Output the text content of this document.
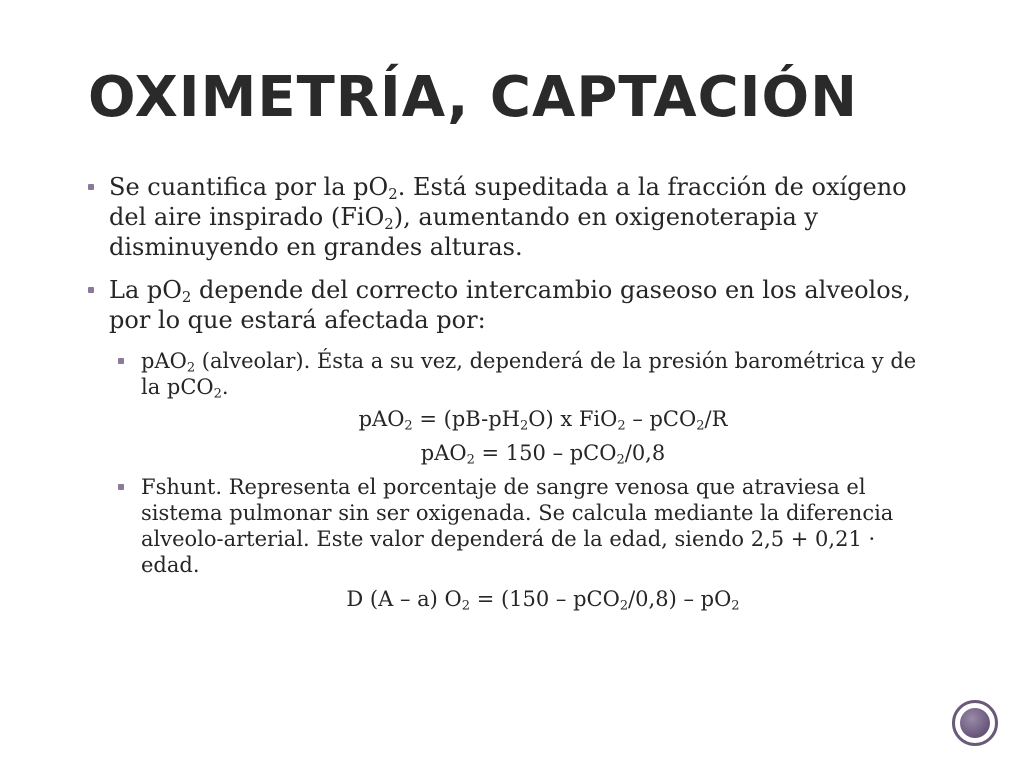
OXIMETRÍA, CAPTACIÓN
Se cuantifica por la $pO_2$. Está supeditada a la fracción de oxígeno del aire inspirado (FiO$_2$), aumentando en oxigenoterapia y disminuyendo en grandes alturas.
La $pO_2$ depende del correcto intercambio gaseoso en los alveolos, por lo que estará afectada por:
pAO$_2$ (alveolar). Ésta a su vez, dependerá de la presión barométrica y de la pCO$_2$.
$pAO_2 = (pB-pH_2O)$ x FiO$_2$ – pCO$_2$/R
pAO$_2$ = 150 – pCO$_2$/0,8
Fshunt. Representa el porcentaje de sangre venosa que atraviesa el sistema pulmonar sin ser oxigenada. Se calcula mediante la diferencia alveolo-arterial. Este valor dependerá de la edad, siendo 2,5 + 0,21 · edad.
D (A – a) $O_2 = (150 - pCO_2/0,8) - pO_2$
